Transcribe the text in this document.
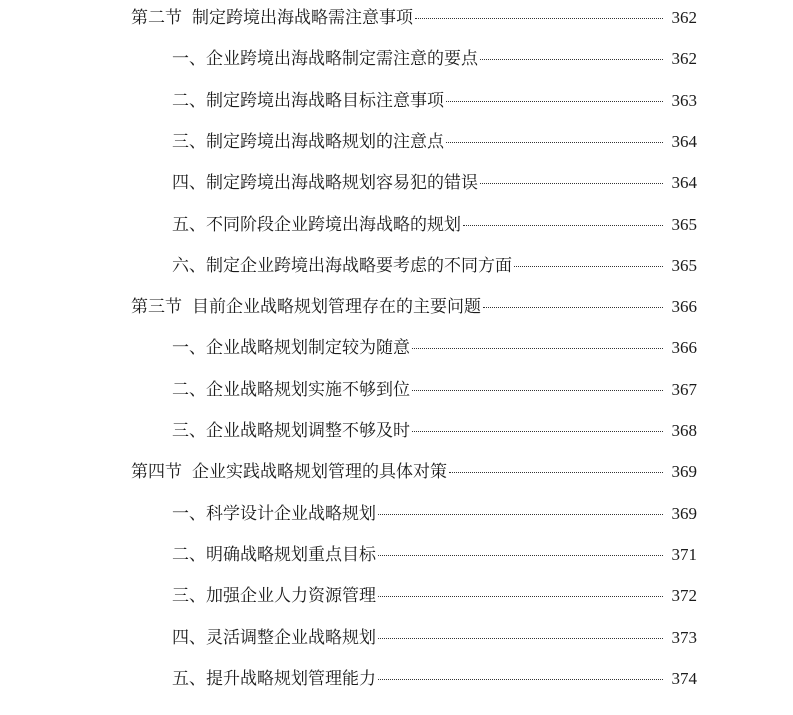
第二节 制定跨境出海战略需注意事项	362
一、企业跨境出海战略制定需注意的要点	362
二、制定跨境出海战略目标注意事项	363
三、制定跨境出海战略规划的注意点	364
四、制定跨境出海战略规划容易犯的错误	364
五、不同阶段企业跨境出海战略的规划	365
六、制定企业跨境出海战略要考虑的不同方面	365
第三节 目前企业战略规划管理存在的主要问题	366
一、企业战略规划制定较为随意	366
二、企业战略规划实施不够到位	367
三、企业战略规划调整不够及时	368
第四节 企业实践战略规划管理的具体对策	369
一、科学设计企业战略规划	369
二、明确战略规划重点目标	371
三、加强企业人力资源管理	372
四、灵活调整企业战略规划	373
五、提升战略规划管理能力	374
